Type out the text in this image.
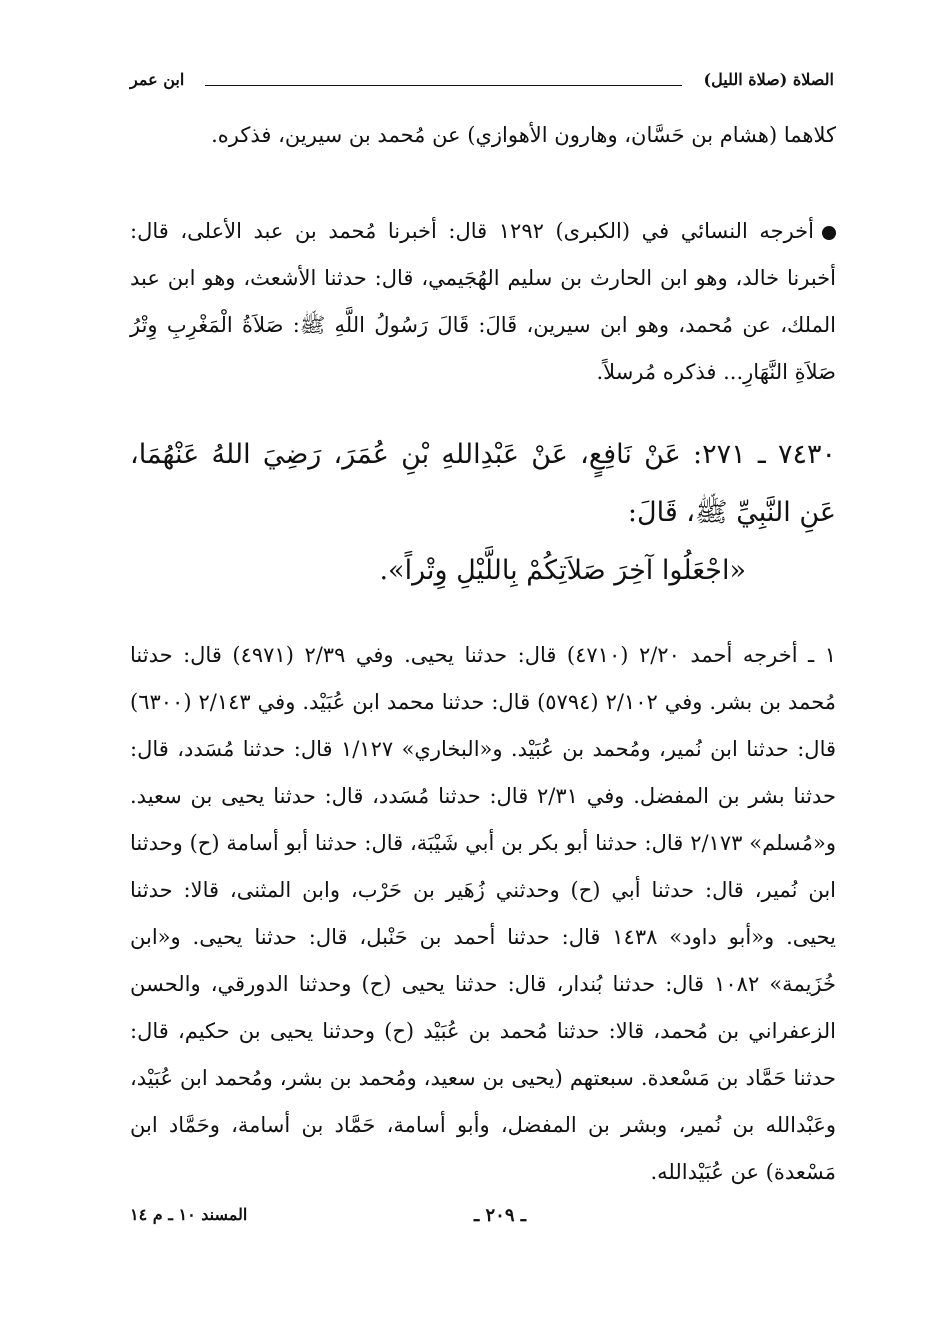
الصلاة (صلاة الليل)
ابن عمر
كلاهما (هشام بن حَسَّان، وهارون الأهوازي) عن مُحمد بن سيرين، فذكره.
أخرجه النسائي في (الكبرى) ١٢٩٢ قال: أخبرنا مُحمد بن عبد الأعلى، قال: أخبرنا خالد، وهو ابن الحارث بن سليم الهُجَيمي، قال: حدثنا الأشعث، وهو ابن عبد الملك، عن مُحمد، وهو ابن سيرين، قَالَ: قَالَ رَسُولُ اللَّهِ ﷺ: صَلاَةُ الْمَغْرِبِ وِتْرُ صَلاَةِ النَّهَارِ... فذكره مُرسلاً.
٧٤٣٠ ـ ٢٧١: عَنْ نَافِعٍ، عَنْ عَبْدِاللهِ بْنِ عُمَرَ، رَضِيَ اللهُ عَنْهُمَا، عَنِ النَّبِيِّ ﷺ، قَالَ:
«اجْعَلُوا آخِرَ صَلاَتِكُمْ بِاللَّيْلِ وِتْراً».
١ ـ أخرجه أحمد ٢/٢٠ (٤٧١٠) قال: حدثنا يحيى. وفي ٢/٣٩ (٤٩٧١) قال: حدثنا مُحمد بن بشر. وفي ٢/١٠٢ (٥٧٩٤) قال: حدثنا محمد ابن عُبَيْد. وفي ٢/١٤٣ (٦٣٠٠) قال: حدثنا ابن نُمير، ومُحمد بن عُبَيْد. و«البخاري» ١/١٢٧ قال: حدثنا مُسَدد، قال: حدثنا بشر بن المفضل. وفي ٢/٣١ قال: حدثنا مُسَدد، قال: حدثنا يحيى بن سعيد. و«مُسلم» ٢/١٧٣ قال: حدثنا أبو بكر بن أبي شَيْبَة، قال: حدثنا أبو أسامة (ح) وحدثنا ابن نُمير، قال: حدثنا أبي (ح) وحدثني زُهَير بن حَرْب، وابن المثنى، قالا: حدثنا يحيى. و«أبو داود» ١٤٣٨ قال: حدثنا أحمد بن حَنْبل، قال: حدثنا يحيى. و«ابن خُزَيمة» ١٠٨٢ قال: حدثنا بُندار، قال: حدثنا يحيى (ح) وحدثنا الدورقي، والحسن الزعفراني بن مُحمد، قالا: حدثنا مُحمد بن عُبَيْد (ح) وحدثنا يحيى بن حكيم، قال: حدثنا حَمَّاد بن مَسْعدة. سبعتهم (يحيى بن سعيد، ومُحمد بن بشر، ومُحمد ابن عُبَيْد، وعَبْدالله بن نُمير، وبشر بن المفضل، وأبو أسامة، حَمَّاد بن أسامة، وحَمَّاد ابن مَسْعدة) عن عُبَيْدالله.
المسند ١٠ ـ م ١٤	ـ ٢٠٩ ـ
